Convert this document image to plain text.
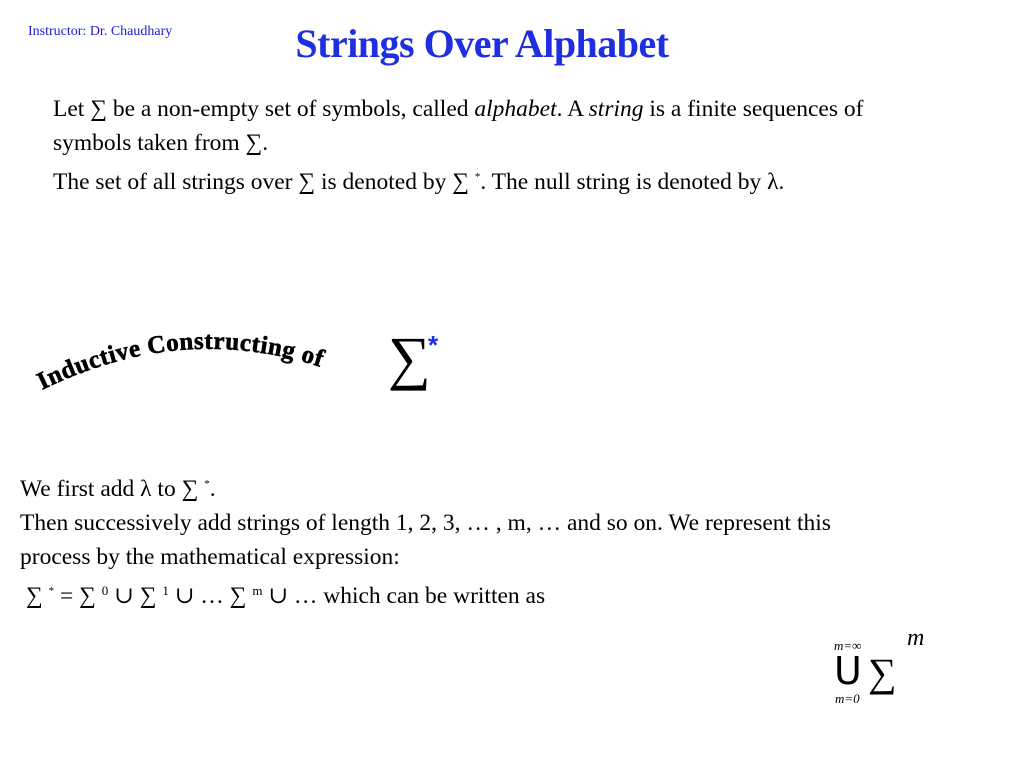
Instructor: Dr. Chaudhary	Strings Over Alphabet

Let ∑ be a non-empty set of symbols, called alphabet. A string is a finite sequences of symbols taken from ∑.

The set of all strings over ∑ is denoted by ∑ *. The null string is denoted by λ.

Inductive Constructing of ∑
*

We first add λ to ∑ *.

Then successively add strings of length 1, 2, 3, … , m, … and so on. We represent this process by the mathematical expression:

∑ * = ∑ $^0$ ∪ ∑ $^1$ ∪ … ∑ $^m$ ∪ … which can be written as

m=∞
U ∑
m
m=0
